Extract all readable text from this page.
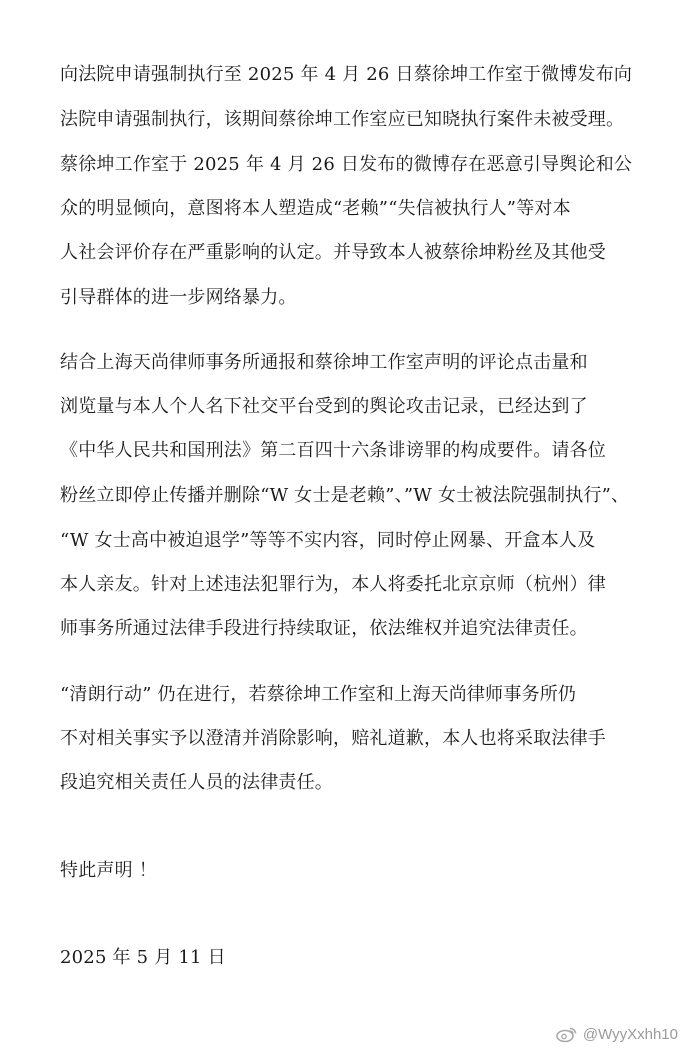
向法院申请强制执行至 2025 年 4 月 26 日蔡徐坤工作室于微博发布向
法院申请强制执行，该期间蔡徐坤工作室应已知晓执行案件未被受理。
蔡徐坤工作室于 2025 年 4 月 26 日发布的微博存在恶意引导舆论和公
众的明显倾向，意图将本人塑造成“老赖”“失信被执行人”等对本
人社会评价存在严重影响的认定。并导致本人被蔡徐坤粉丝及其他受
引导群体的进一步网络暴力。
结合上海天尚律师事务所通报和蔡徐坤工作室声明的评论点击量和
浏览量与本人个人名下社交平台受到的舆论攻击记录，已经达到了
《中华人民共和国刑法》第二百四十六条诽谤罪的构成要件。请各位
粉丝立即停止传播并删除“W 女士是老赖”、”W 女士被法院强制执行”、
“W 女士高中被迫退学”等等不实内容，同时停止网暴、开盒本人及
本人亲友。针对上述违法犯罪行为，本人将委托北京京师（杭州）律
师事务所通过法律手段进行持续取证，依法维权并追究法律责任。
“清朗行动” 仍在进行，若蔡徐坤工作室和上海天尚律师事务所仍
不对相关事实予以澄清并消除影响，赔礼道歉，本人也将采取法律手
段追究相关责任人员的法律责任。
特此声明 ！
2025 年 5 月 11 日
@WyyXxhh10
